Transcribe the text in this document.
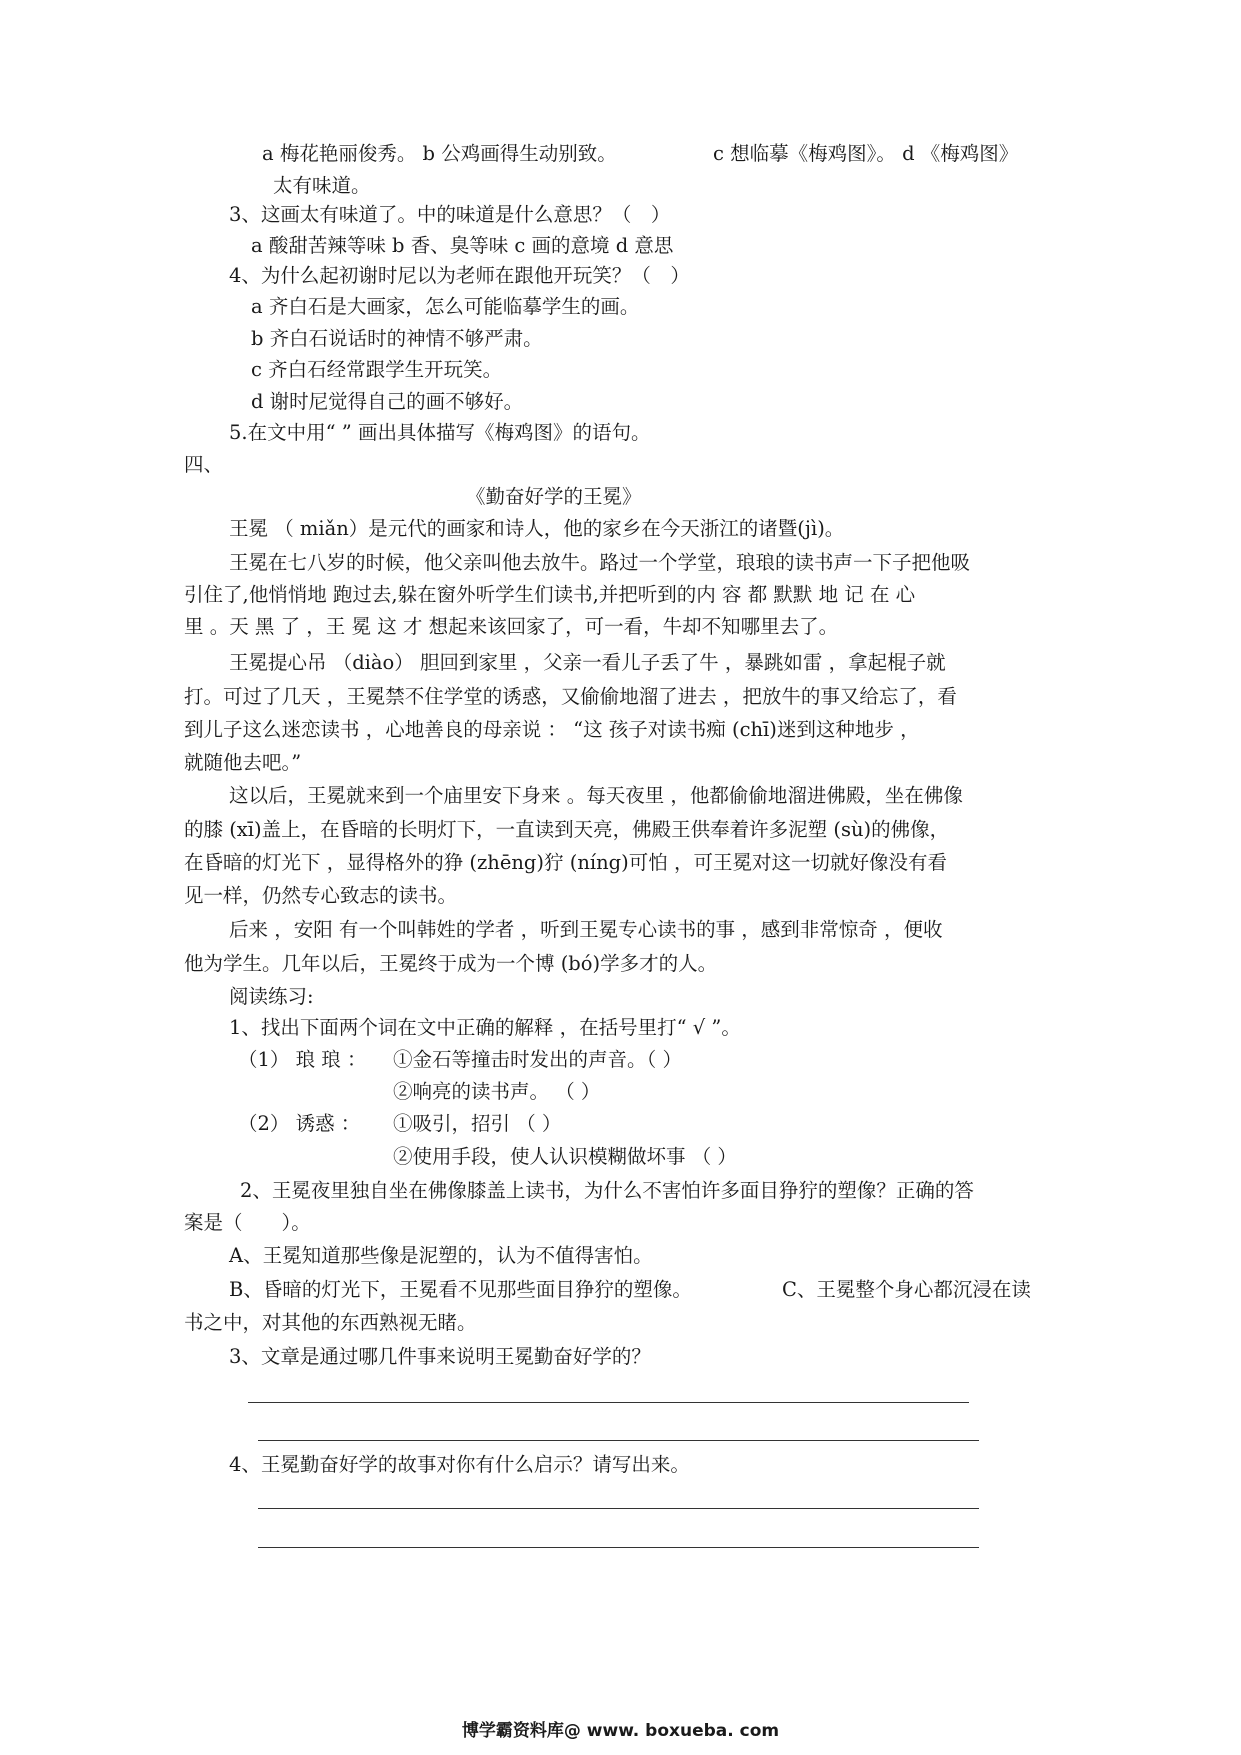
a 梅花艳丽俊秀。 b 公鸡画得生动别致。	c 想临摹《梅鸡图》。 d 《梅鸡图》
太有味道。
3、这画太有味道了。中的味道是什么意思？（　）
a 酸甜苦辣等味 b 香、臭等味 c 画的意境 d 意思
4、为什么起初谢时尼以为老师在跟他开玩笑？（　）
a 齐白石是大画家，怎么可能临摹学生的画。
b 齐白石说话时的神情不够严肃。
c 齐白石经常跟学生开玩笑。
d 谢时尼觉得自己的画不够好。
5.在文中用“ ” 画出具体描写《梅鸡图》的语句。
四、
《勤奋好学的王冕》
王冕 （ miǎn）是元代的画家和诗人，他的家乡在今天浙江的诸暨(jì)。
王冕在七八岁的时候，他父亲叫他去放牛。路过一个学堂，琅琅的读书声一下子把他吸
引住了,他悄悄地 跑过去,躲在窗外听学生们读书,并把听到的内 容 都 默默 地 记 在 心
里 。天 黑 了 ，王 冕 这 才 想起来该回家了，可一看，牛却不知哪里去了。
王冕提心吊 （diào） 胆回到家里 ，父亲一看儿子丢了牛 ，暴跳如雷 ，拿起棍子就
打。可过了几天 ，王冕禁不住学堂的诱惑，又偷偷地溜了进去 ，把放牛的事又给忘了，看
到儿子这么迷恋读书 ，心地善良的母亲说 ： “这 孩子对读书痴 (chī)迷到这种地步 ，
就随他去吧。”
这以后，王冕就来到一个庙里安下身来 。每天夜里 ，他都偷偷地溜进佛殿，坐在佛像
的膝 (xī)盖上，在昏暗的长明灯下，一直读到天亮，佛殿王供奉着许多泥塑 (sù)的佛像，
在昏暗的灯光下 ，显得格外的狰 (zhēng)狞 (níng)可怕 ，可王冕对这一切就好像没有看
见一样，仍然专心致志的读书。
后来 ，安阳 有一个叫韩姓的学者 ，听到王冕专心读书的事 ，感到非常惊奇 ，便收
他为学生。几年以后，王冕终于成为一个博 (bó)学多才的人。
阅读练习:
1、找出下面两个词在文中正确的解释 ，在括号里打“ √ ”。
（1） 琅 琅 ： ①金石等撞击时发出的声音。（ ）
②响亮的读书声。 （ ）
（2） 诱惑 ： ①吸引，招引 （ ）
②使用手段，使人认识模糊做坏事 （ ）
2、王冕夜里独自坐在佛像膝盖上读书，为什么不害怕许多面目狰狞的塑像？正确的答
案是（　　）。
A、王冕知道那些像是泥塑的，认为不值得害怕。
B、昏暗的灯光下，王冕看不见那些面目狰狞的塑像。	C、王冕整个身心都沉浸在读
书之中，对其他的东西熟视无睹。
3、文章是通过哪几件事来说明王冕勤奋好学的？
4、王冕勤奋好学的故事对你有什么启示？请写出来。
博学霸资料库@ www. boxueba. com
